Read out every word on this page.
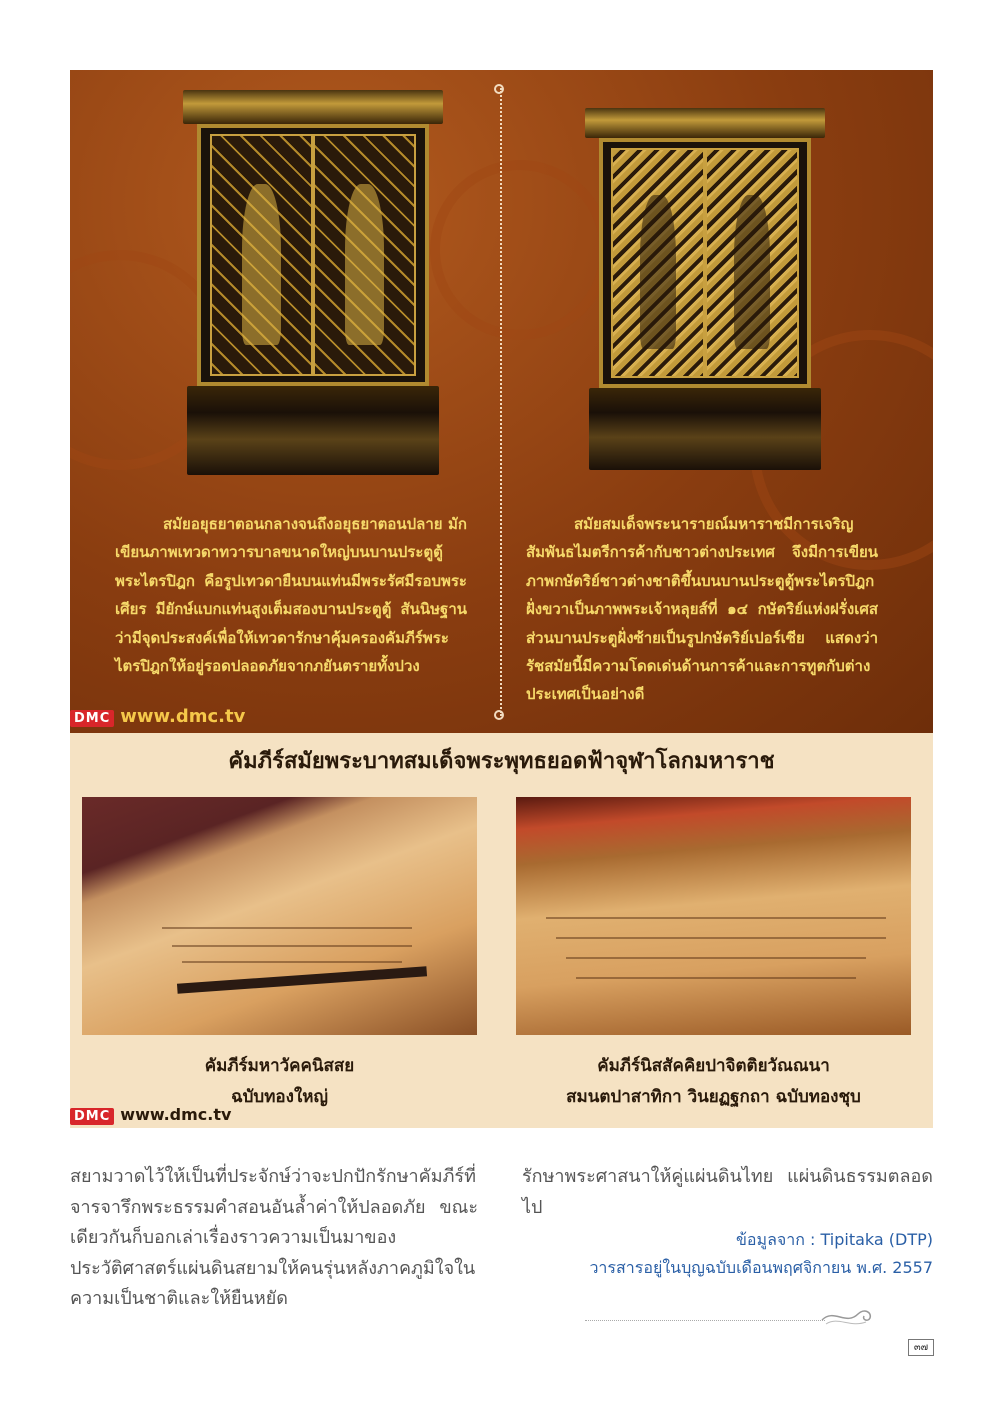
สมัยอยุธยาตอนกลางจนถึงอยุธยาตอนปลาย มักเขียนภาพเทวดาทวารบาลขนาดใหญ่บนบานประตูตู้พระไตรปิฎก คือรูปเทวดายืนบนแท่นมีพระรัศมีรอบพระเศียร มียักษ์แบกแท่นสูงเต็มสองบานประตูตู้ สันนิษฐานว่ามีจุดประสงค์เพื่อให้เทวดารักษาคุ้มครองคัมภีร์พระไตรปิฎกให้อยู่รอดปลอดภัยจากภยันตรายทั้งปวง

สมัยสมเด็จพระนารายณ์มหาราชมีการเจริญสัมพันธไมตรีการค้ากับชาวต่างประเทศ จึงมีการเขียนภาพกษัตริย์ชาวต่างชาติขึ้นบนบานประตูตู้พระไตรปิฎก ฝั่งขวาเป็นภาพพระเจ้าหลุยส์ที่ ๑๔ กษัตริย์แห่งฝรั่งเศส ส่วนบานประตูฝั่งซ้ายเป็นรูปกษัตริย์เปอร์เซีย แสดงว่ารัชสมัยนี้มีความโดดเด่นด้านการค้าและการทูตกับต่างประเทศเป็นอย่างดี

DMC www.dmc.tv
คัมภีร์สมัยพระบาทสมเด็จพระพุทธยอดฟ้าจุฬาโลกมหาราช
คัมภีร์มหาวัคคนิสสย
ฉบับทองใหญ่
คัมภีร์นิสสัคคิยปาจิตติยวัณณนา
สมนตปาสาทิกา วินยฏฐกถา ฉบับทองชุบ
DMC www.dmc.tv

สยามวาดไว้ให้เป็นที่ประจักษ์ว่าจะปกปักรักษาคัมภีร์ที่จารจารึกพระธรรมคำสอนอันล้ำค่าให้ปลอดภัย ขณะเดียวกันก็บอกเล่าเรื่องราวความเป็นมาของประวัติศาสตร์แผ่นดินสยามให้คนรุ่นหลังภาคภูมิใจในความเป็นชาติและให้ยืนหยัด

รักษาพระศาสนาให้คู่แผ่นดินไทย แผ่นดินธรรมตลอดไป

ข้อมูลจาก : Tipitaka (DTP)
วารสารอยู่ในบุญฉบับเดือนพฤศจิกายน พ.ศ. 2557
๓๗
